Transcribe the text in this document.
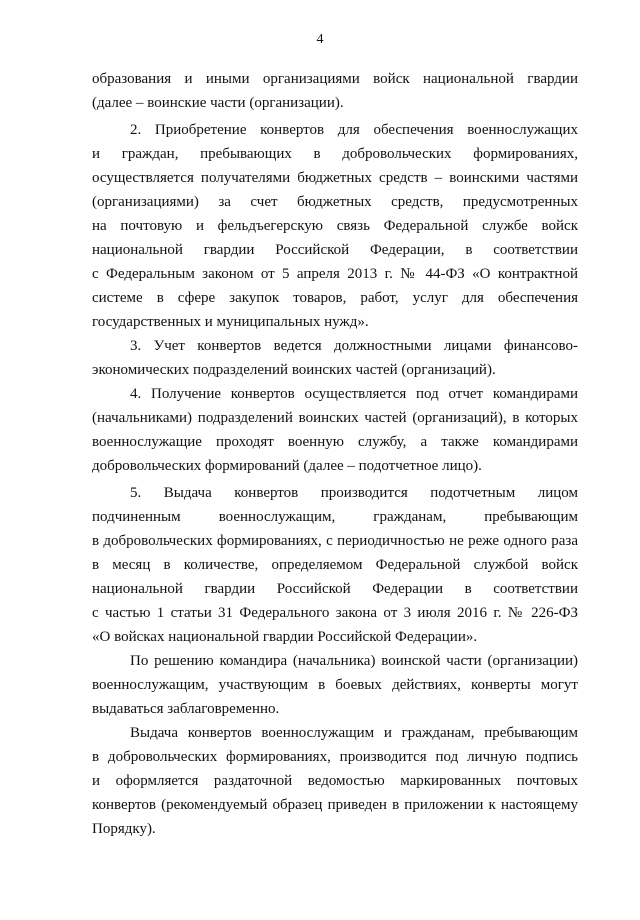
4
образования и иными организациями войск национальной гвардии
(далее – воинские части (организации).
2. Приобретение конвертов для обеспечения военнослужащих
и граждан, пребывающих в добровольческих формированиях,
осуществляется получателями бюджетных средств – воинскими частями
(организациями) за счет бюджетных средств, предусмотренных
на почтовую и фельдъегерскую связь Федеральной службе войск
национальной гвардии Российской Федерации, в соответствии
с Федеральным законом от 5 апреля 2013 г. № 44-ФЗ «О контрактной
системе в сфере закупок товаров, работ, услуг для обеспечения
государственных и муниципальных нужд».
3. Учет конвертов ведется должностными лицами финансово-
экономических подразделений воинских частей (организаций).
4. Получение конвертов осуществляется под отчет командирами
(начальниками) подразделений воинских частей (организаций), в которых
военнослужащие проходят военную службу, а также командирами
добровольческих формирований (далее – подотчетное лицо).
5. Выдача конвертов производится подотчетным лицом
подчиненным военнослужащим, гражданам, пребывающим
в добровольческих формированиях, с периодичностью не реже одного раза
в месяц в количестве, определяемом Федеральной службой войск
национальной гвардии Российской Федерации в соответствии
с частью 1 статьи 31 Федерального закона от 3 июля 2016 г. № 226-ФЗ
«О войсках национальной гвардии Российской Федерации».
По решению командира (начальника) воинской части (организации)
военнослужащим, участвующим в боевых действиях, конверты могут
выдаваться заблаговременно.
Выдача конвертов военнослужащим и гражданам, пребывающим
в добровольческих формированиях, производится под личную подпись
и оформляется раздаточной ведомостью маркированных почтовых
конвертов (рекомендуемый образец приведен в приложении к настоящему
Порядку).
